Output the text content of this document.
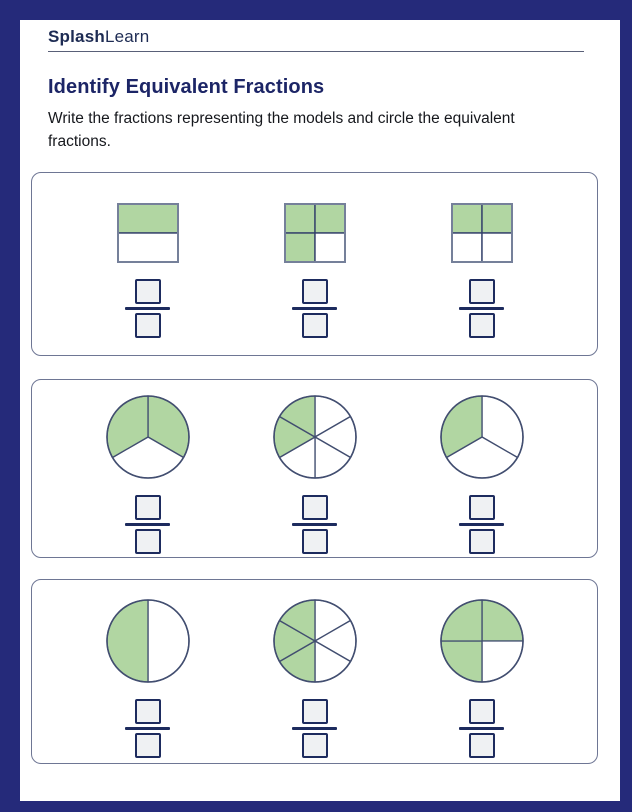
SplashLearn
Identify Equivalent Fractions

Write the fractions representing the models and circle the equivalent fractions.
